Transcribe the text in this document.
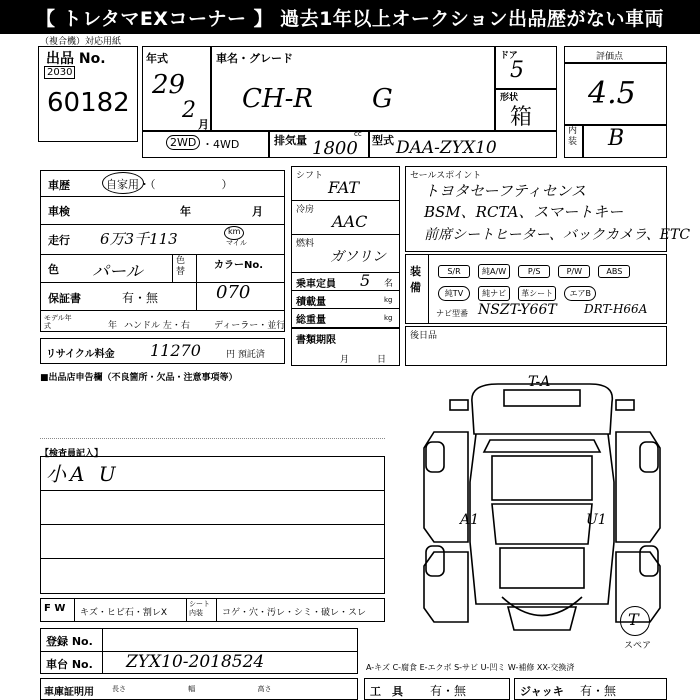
【 トレタマEXコーナー 】 過去1年以上オークション出品歴がない車両
（複合機）対応用紙
出品 No.
2030
60182
年式
29
2
月
車名・グレード
CH-R G
ドア
5
形状
箱
2WD ・4WD	排気量	cc
1800 型式 DAA-ZYX10
評価点
4.5
内装 B
車歴	自家用・（　　　　　　）
車検	年	月
走行 6万3千113	km
マイル
色 パール
色替
カラーNo.
070
保証書	有・無
モデル年式	年 ハンドル 左・右	ディーラー・並行
リサイクル料金 11270	円 預託済
シフト
FAT
冷房
AAC
燃料
ガソリン
乗車定員 5 名
積載量	kg
総重量	kg
書類期限
月日
セールスポイント
トヨタセーフティセンス
BSM、RCTA、スマートキー
前席シートヒーター、バックカメラ、ETC
装備
S/R	純A/W	P/S	P/W	ABS
純TV 純ナビ 革シート エアB
ナビ型番 NSZT-Y66T DRT-H66A
後日品
■出品店申告欄（不良箇所・欠品・注意事項等）
【検査員記入】
小A U
T-A
A1	U1
T
スペア
F W キズ・ヒビ石・割レX
シート内装	コゲ・穴・汚レ・シミ・破レ・スレ
登録 No.
車台 No. ZYX10-2018524	A-キズ C-腐食 E-エクボ S-サビ U-凹ミ W-補修 XX-交換済
車庫証明用	長さ 幅 高さ	工　具 有・無	ジャッキ 有・無
